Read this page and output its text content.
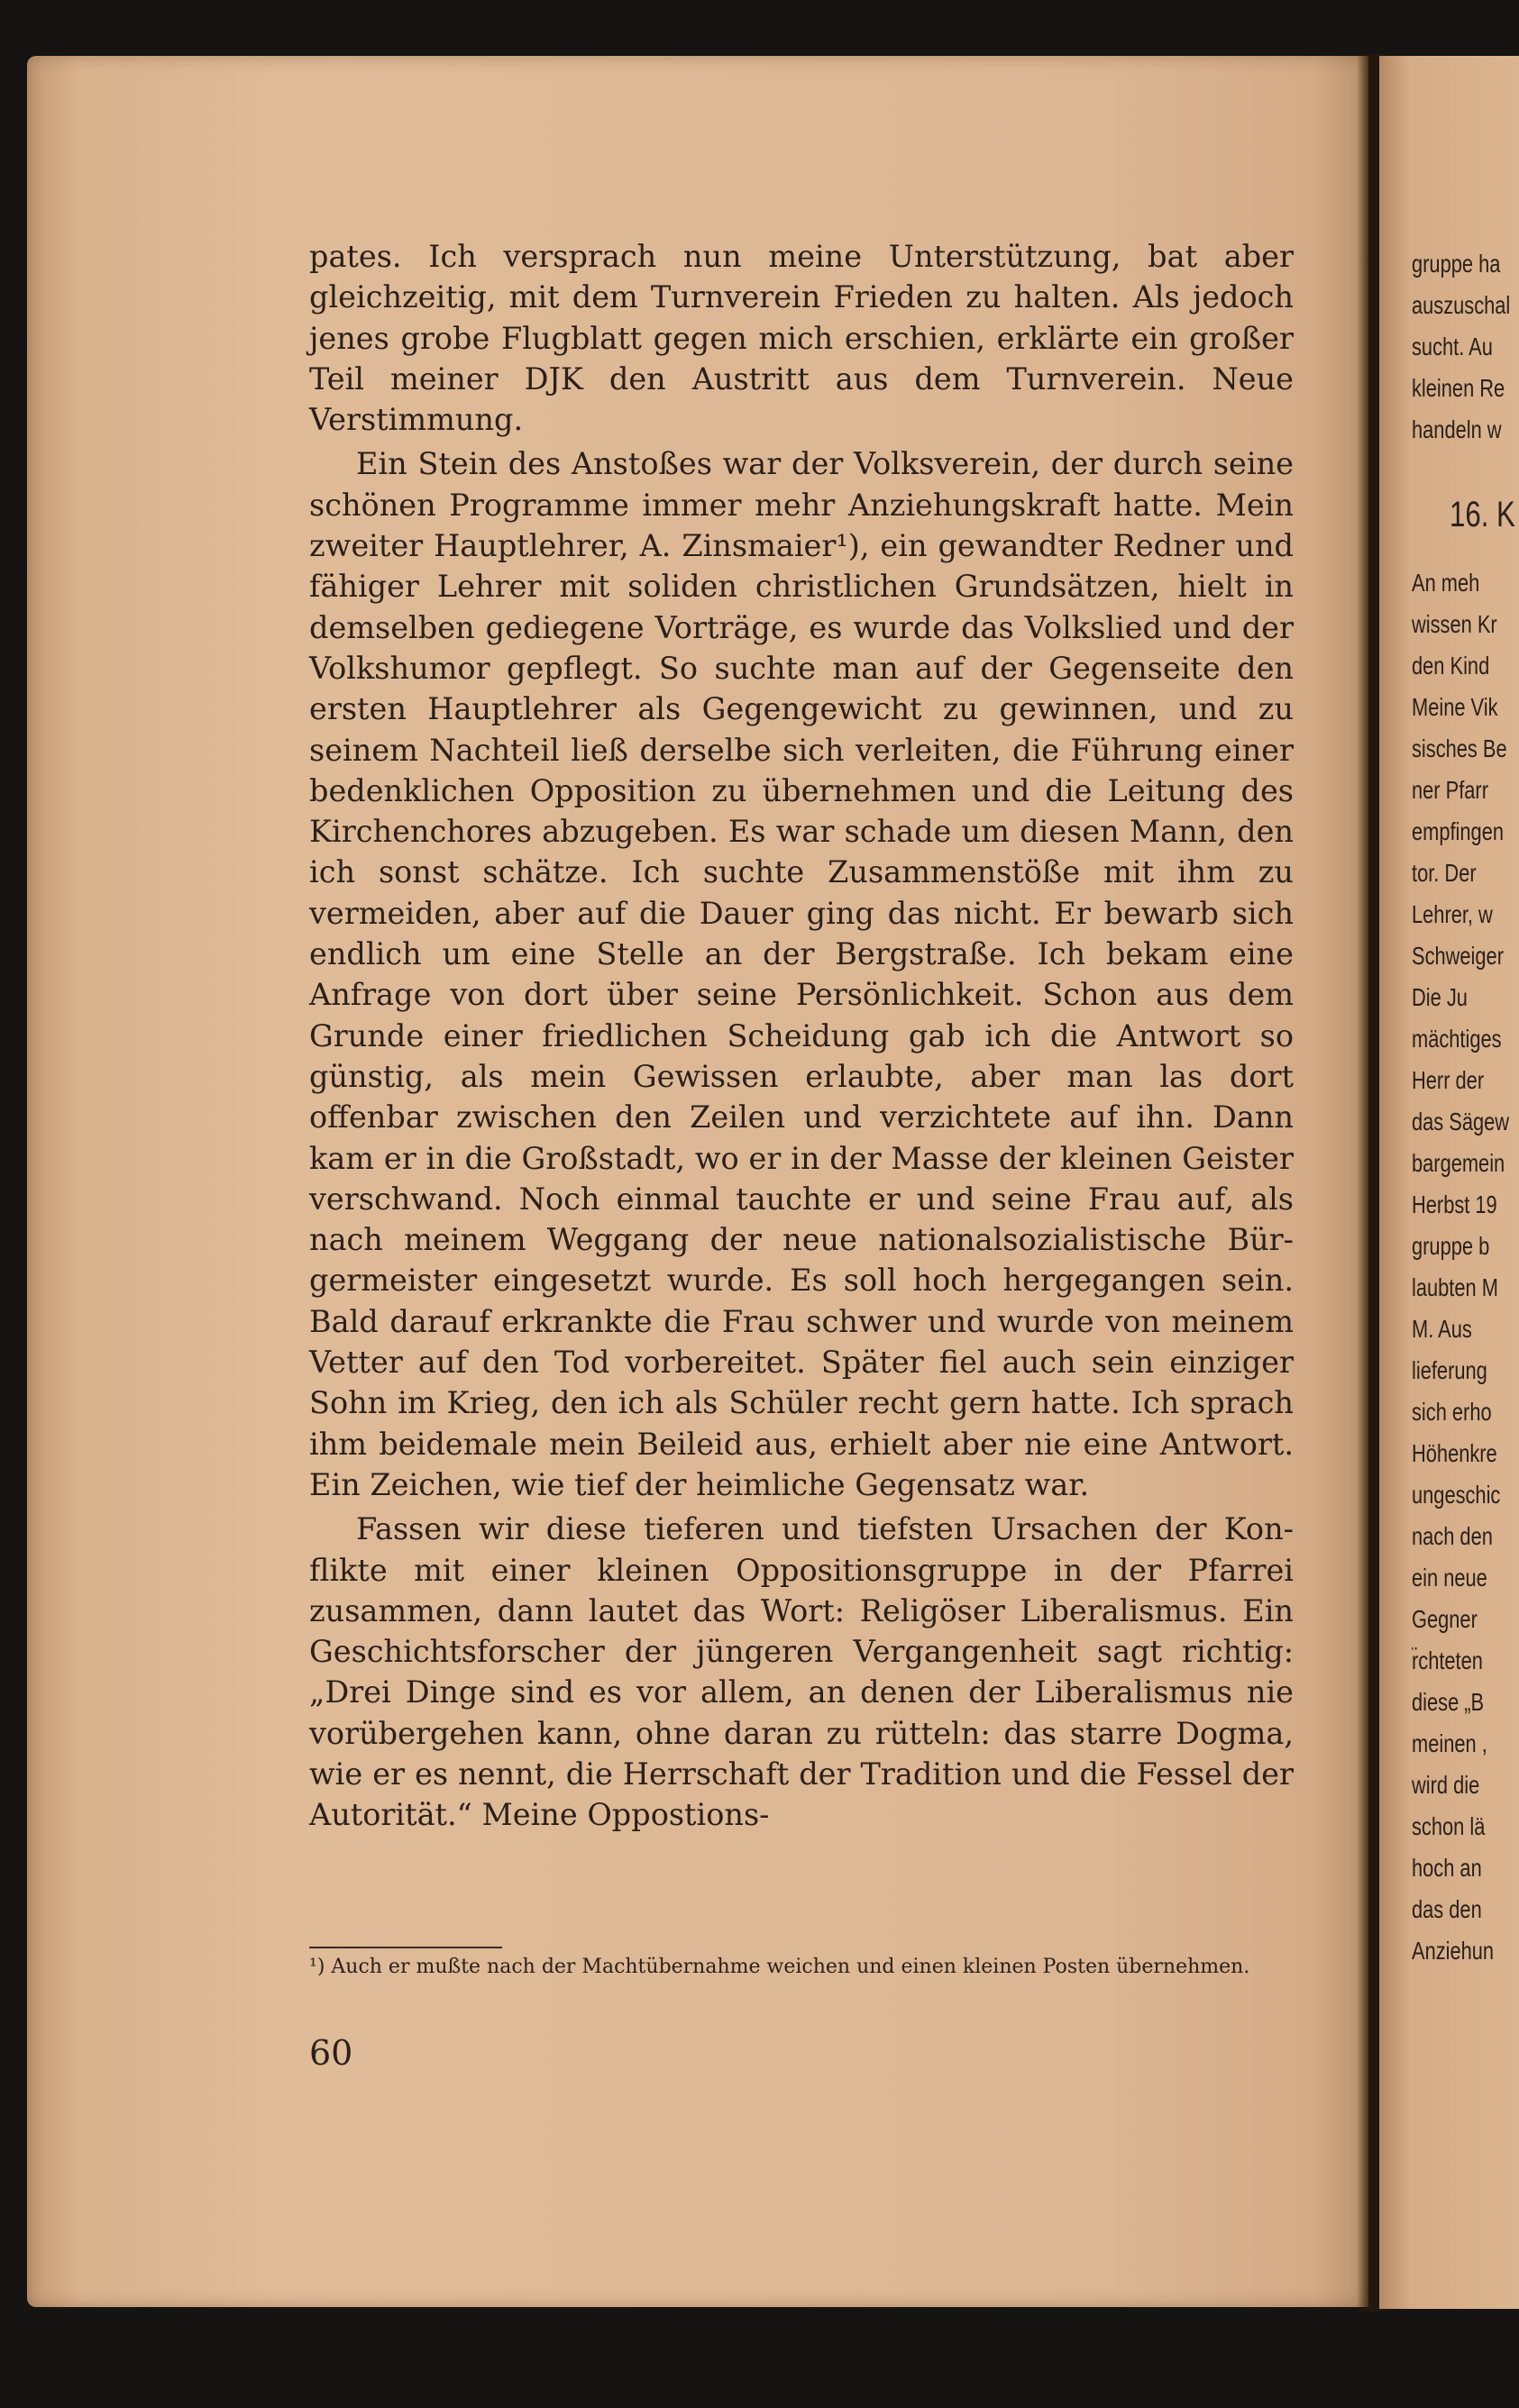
pates. Ich versprach nun meine Unterstützung, bat aber gleichzeitig, mit dem Turnverein Frieden zu halten. Als jedoch jenes grobe Flugblatt gegen mich erschien, erklärte ein großer Teil meiner DJK den Austritt aus dem Turnverein. Neue Verstimmung.

Ein Stein des Anstoßes war der Volksverein, der durch seine schönen Programme immer mehr Anziehungskraft hatte. Mein zweiter Hauptlehrer, A. Zinsmaier¹), ein gewandter Redner und fähiger Lehrer mit soliden christlichen Grundsätzen, hielt in demselben gediegene Vorträge, es wurde das Volkslied und der Volkshumor gepflegt. So suchte man auf der Gegenseite den ersten Hauptlehrer als Gegengewicht zu gewinnen, und zu seinem Nachteil ließ derselbe sich verleiten, die Führung einer bedenklichen Opposition zu übernehmen und die Leitung des Kirchenchores abzugeben. Es war schade um diesen Mann, den ich sonst schätze. Ich suchte Zusammenstöße mit ihm zu vermeiden, aber auf die Dauer ging das nicht. Er bewarb sich endlich um eine Stelle an der Bergstraße. Ich bekam eine Anfrage von dort über seine Persönlichkeit. Schon aus dem Grunde einer friedlichen Scheidung gab ich die Antwort so günstig, als mein Gewissen erlaubte, aber man las dort offenbar zwischen den Zeilen und verzichtete auf ihn. Dann kam er in die Großstadt, wo er in der Masse der kleinen Geister verschwand. Noch einmal tauchte er und seine Frau auf, als nach meinem Weggang der neue nationalsozialistische Bürgermeister eingesetzt wurde. Es soll hoch hergegangen sein. Bald darauf erkrankte die Frau schwer und wurde von meinem Vetter auf den Tod vorbereitet. Später fiel auch sein einziger Sohn im Krieg, den ich als Schüler recht gern hatte. Ich sprach ihm beidemale mein Beileid aus, erhielt aber nie eine Antwort. Ein Zeichen, wie tief der heimliche Gegensatz war.

Fassen wir diese tieferen und tiefsten Ursachen der Konflikte mit einer kleinen Oppositionsgruppe in der Pfarrei zusammen, dann lautet das Wort: Religöser Liberalismus. Ein Geschichtsforscher der jüngeren Vergangenheit sagt richtig: „Drei Dinge sind es vor allem, an denen der Liberalismus nie vorübergehen kann, ohne daran zu rütteln: das starre Dogma, wie er es nennt, die Herrschaft der Tradition und die Fessel der Autorität.“ Meine Oppostions-

¹) Auch er mußte nach der Machtübernahme weichen und einen kleinen Posten übernehmen.
60
gruppe ha
auszuschal
sucht. Au
kleinen Re
handeln w
16. K
An meh
wissen Kr
den Kind
Meine Vik
sisches Be
ner Pfarr
empfingen
tor. Der
Lehrer, w
Schweiger
Die Ju
mächtiges
Herr der
das Sägew
bargemein
Herbst 19
gruppe b
laubten M
M. Aus
lieferung
sich erho
Höhenkre
ungeschic
nach den
ein neue
Gegner
r̈chteten
diese „B
meinen ,
wird die
schon lä
hoch an
das den
Anziehun
